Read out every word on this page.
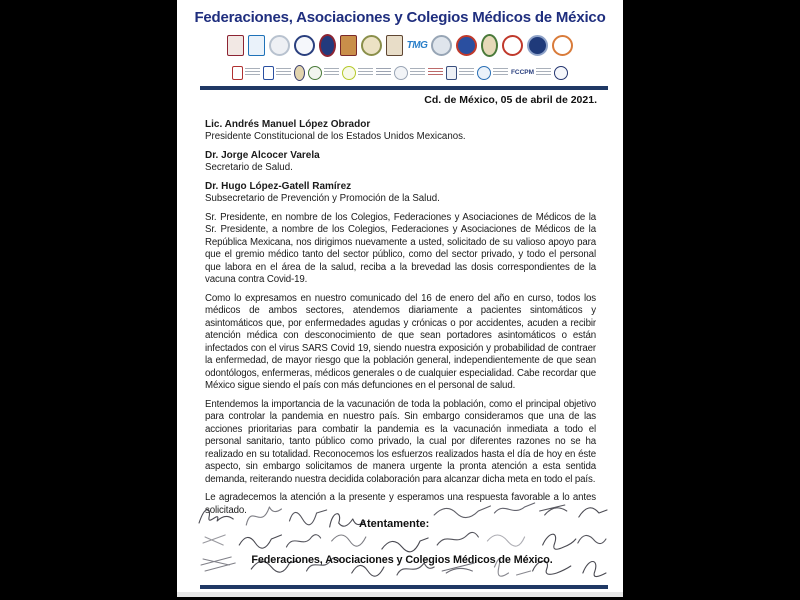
Federaciones, Asociaciones y Colegios Médicos de México
TMG
FCCPM
Cd. de México, 05 de abril de 2021.
Lic. Andrés Manuel López Obrador
Presidente Constitucional de los Estados Unidos Mexicanos.
Dr. Jorge Alcocer Varela
Secretario de Salud.
Dr. Hugo López-Gatell Ramírez
Subsecretario de Prevención y Promoción de la Salud.

Sr. Presidente, en nombre de los Colegios, Federaciones y Asociaciones de Médicos de la Sr. Presidente, a nombre de los Colegios, Federaciones y Asociaciones de Médicos de la República Mexicana, nos dirigimos nuevamente a usted, solicitado de su valioso apoyo para que el gremio médico tanto del sector público, como del sector privado, y todo el personal que labora en el área de la salud, reciba a la brevedad las dosis correspondientes de la vacuna contra Covid-19.

Como lo expresamos en nuestro comunicado del 16 de enero del año en curso, todos los médicos de ambos sectores, atendemos diariamente a pacientes sintomáticos y asintomáticos que, por enfermedades agudas y crónicas o por accidentes, acuden a recibir atención médica con desconocimiento de que sean portadores asintomáticos o están infectados con el virus SARS Covid 19, siendo nuestra exposición y probabilidad de contraer la enfermedad, de mayor riesgo que la población general, independientemente de que sean odontólogos, enfermeras, médicos generales o de cualquier especialidad. Cabe recordar que México sigue siendo el país con más defunciones en el personal de salud.

Entendemos la importancia de la vacunación de toda la población, como el principal objetivo para controlar la pandemia en nuestro país. Sin embargo consideramos que una de las acciones prioritarias para combatir la pandemia es la vacunación inmediata a todo el personal sanitario, tanto público como privado, la cual por diferentes razones no se ha realizado en su totalidad. Reconocemos los esfuerzos realizados hasta el día de hoy en éste aspecto, sin embargo solicitamos de manera urgente la pronta atención a esta sentida demanda, reiterando nuestra decidida colaboración para alcanzar dicha meta en todo el país.

Le agradecemos la atención a la presente y esperamos una respuesta favorable a lo antes solicitado.

Atentamente:
Federaciones, Asociaciones y Colegios Médicos de México.
